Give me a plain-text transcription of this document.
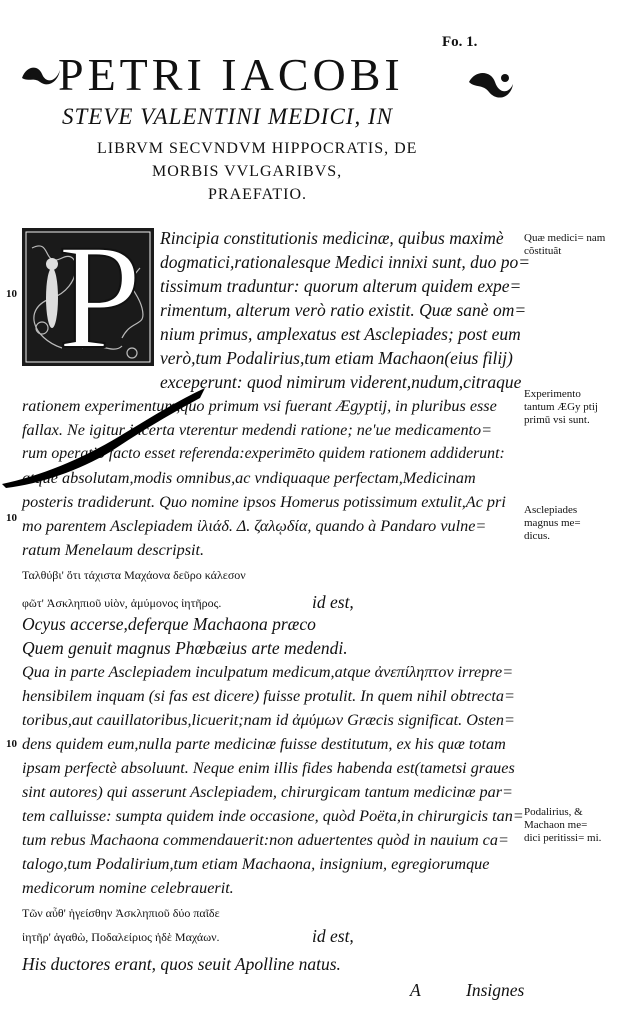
Fo. 1.
PETRI IACOBI
STEVE VALENTINI MEDICI, IN
LIBRVM SECVNDVM HIPPOCRATIS, DE
MORBIS VVLGARIBVS,
PRAEFATIO.
P
10
10
10
Rincipia constitutionis medicinæ, quibus maximè
dogmatici,rationalesque Medici innixi sunt, duo po=
tissimum traduntur: quorum alterum quidem expe=
rimentum, alterum verò ratio existit. Quæ sanè om=
nium primus, amplexatus est Asclepiades; post eum
verò,tum Podalirius,tum etiam Machaon(eius filij)
exceperunt: quod nimirum viderent,nudum,citraque
rationem experimentum,quo primum vsi fuerant Ægyptij, in pluribus esse
fallax. Ne igitur incerta vterentur medendi ratione; ne'ue medicamento=
rum operatio facto esset referenda:experimēto quidem rationem addiderunt:
atque absolutam,modis omnibus,ac vndiquaque perfectam,Medicinam
posteris tradiderunt. Quo nomine ipsos Homerus potissimum extulit,Ac pri
mo parentem Asclepiadem ἰλιάδ. Δ. ζαλῳδία, quando à Pandaro vulne=
ratum Menelaum descripsit.
Ταλθύβι' ὅτι τάχιστα Μαχάονα δεῦρο κάλεσον
φῶτ' Ἀσκληπιοῦ υἱὸν, ἀμύμονος ἰητῆρος.	id est,
Ocyus accerse,deferque Machaona præco
Quem genuit magnus Phœbæius arte medendi.
Qua in parte Asclepiadem inculpatum medicum,atque ἀνεπίληπτον irrepre=
hensibilem inquam (si fas est dicere) fuisse protulit. In quem nihil obtrecta=
toribus,aut cauillatoribus,licuerit;nam id ἀμύμων Græcis significat. Osten=
dens quidem eum,nulla parte medicinæ fuisse destitutum, ex his quæ totam
ipsam perfectè absoluunt. Neque enim illis fides habenda est(tametsi graues
sint autores) qui asserunt Asclepiadem, chirurgicam tantum medicinæ par=
tem calluisse: sumpta quidem inde occasione, quòd Poëta,in chirurgicis tan=
tum rebus Machaona commendauerit:non aduertentes quòd in nauium ca=
talogo,tum Podalirium,tum etiam Machaona, insignium, egregiorumque
medicorum nomine celebrauerit.
Τῶν αὖθ' ἡγείσθην Ἀσκληπιοῦ δύο παῖδε
ἰητῆρ' ἀγαθὼ, Ποδαλείριος ἠδὲ Μαχάων.	id est,
His ductores erant, quos seuit Apolline natus.
A	Insignes
Quæ medici= nam cõstituãt
Experimento tantum ÆGy ptij primū vsi sunt.
Asclepiades magnus me= dicus.
Podalirius, & Machaon me= dici peritissi= mi.
